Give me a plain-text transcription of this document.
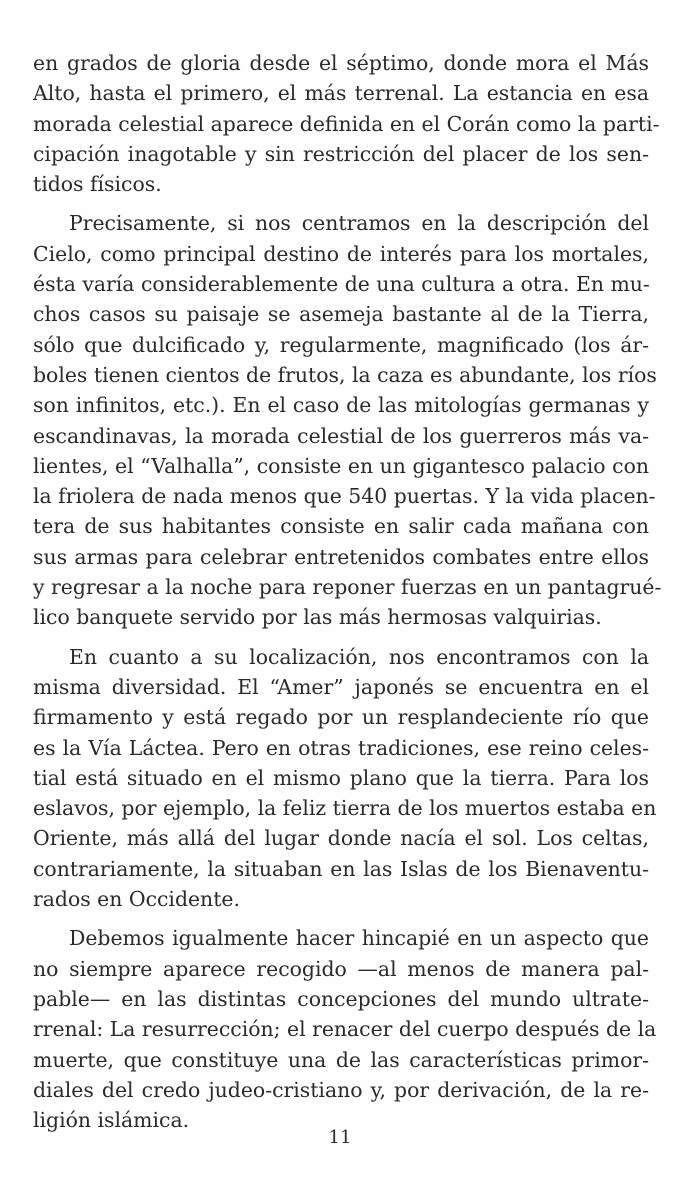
en grados de gloria desde el séptimo, donde mora el Más
Alto, hasta el primero, el más terrenal. La estancia en esa
morada celestial aparece definida en el Corán como la parti-
cipación inagotable y sin restricción del placer de los sen-
tidos físicos.
Precisamente, si nos centramos en la descripción del
Cielo, como principal destino de interés para los mortales,
ésta varía considerablemente de una cultura a otra. En mu-
chos casos su paisaje se asemeja bastante al de la Tierra,
sólo que dulcificado y, regularmente, magnificado (los ár-
boles tienen cientos de frutos, la caza es abundante, los ríos
son infinitos, etc.). En el caso de las mitologías germanas y
escandinavas, la morada celestial de los guerreros más va-
lientes, el “Valhalla”, consiste en un gigantesco palacio con
la friolera de nada menos que 540 puertas. Y la vida placen-
tera de sus habitantes consiste en salir cada mañana con
sus armas para celebrar entretenidos combates entre ellos
y regresar a la noche para reponer fuerzas en un pantagrué-
lico banquete servido por las más hermosas valquirias.
En cuanto a su localización, nos encontramos con la
misma diversidad. El “Amer” japonés se encuentra en el
firmamento y está regado por un resplandeciente río que
es la Vía Láctea. Pero en otras tradiciones, ese reino celes-
tial está situado en el mismo plano que la tierra. Para los
eslavos, por ejemplo, la feliz tierra de los muertos estaba en
Oriente, más allá del lugar donde nacía el sol. Los celtas,
contrariamente, la situaban en las Islas de los Bienaventu-
rados en Occidente.
Debemos igualmente hacer hincapié en un aspecto que
no siempre aparece recogido —al menos de manera pal-
pable— en las distintas concepciones del mundo ultrate-
rrenal: La resurrección; el renacer del cuerpo después de la
muerte, que constituye una de las características primor-
diales del credo judeo-cristiano y, por derivación, de la re-
ligión islámica.
11
